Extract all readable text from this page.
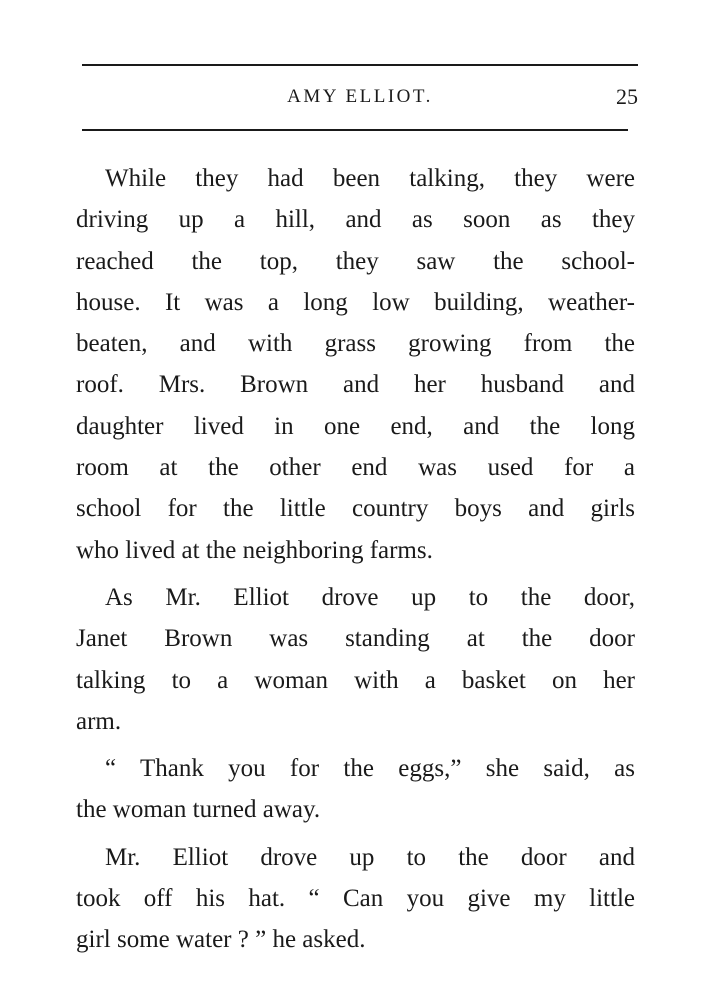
AMY ELLIOT.	25
While they had been talking, they were
driving up a hill, and as soon as they
reached the top, they saw the school-
house. It was a long low building, weather-
beaten, and with grass growing from the
roof. Mrs. Brown and her husband and
daughter lived in one end, and the long
room at the other end was used for a
school for the little country boys and girls
who lived at the neighboring farms.
As Mr. Elliot drove up to the door,
Janet Brown was standing at the door
talking to a woman with a basket on her
arm.
“ Thank you for the eggs,” she said, as
the woman turned away.
Mr. Elliot drove up to the door and
took off his hat. “ Can you give my little
girl some water ? ” he asked.
